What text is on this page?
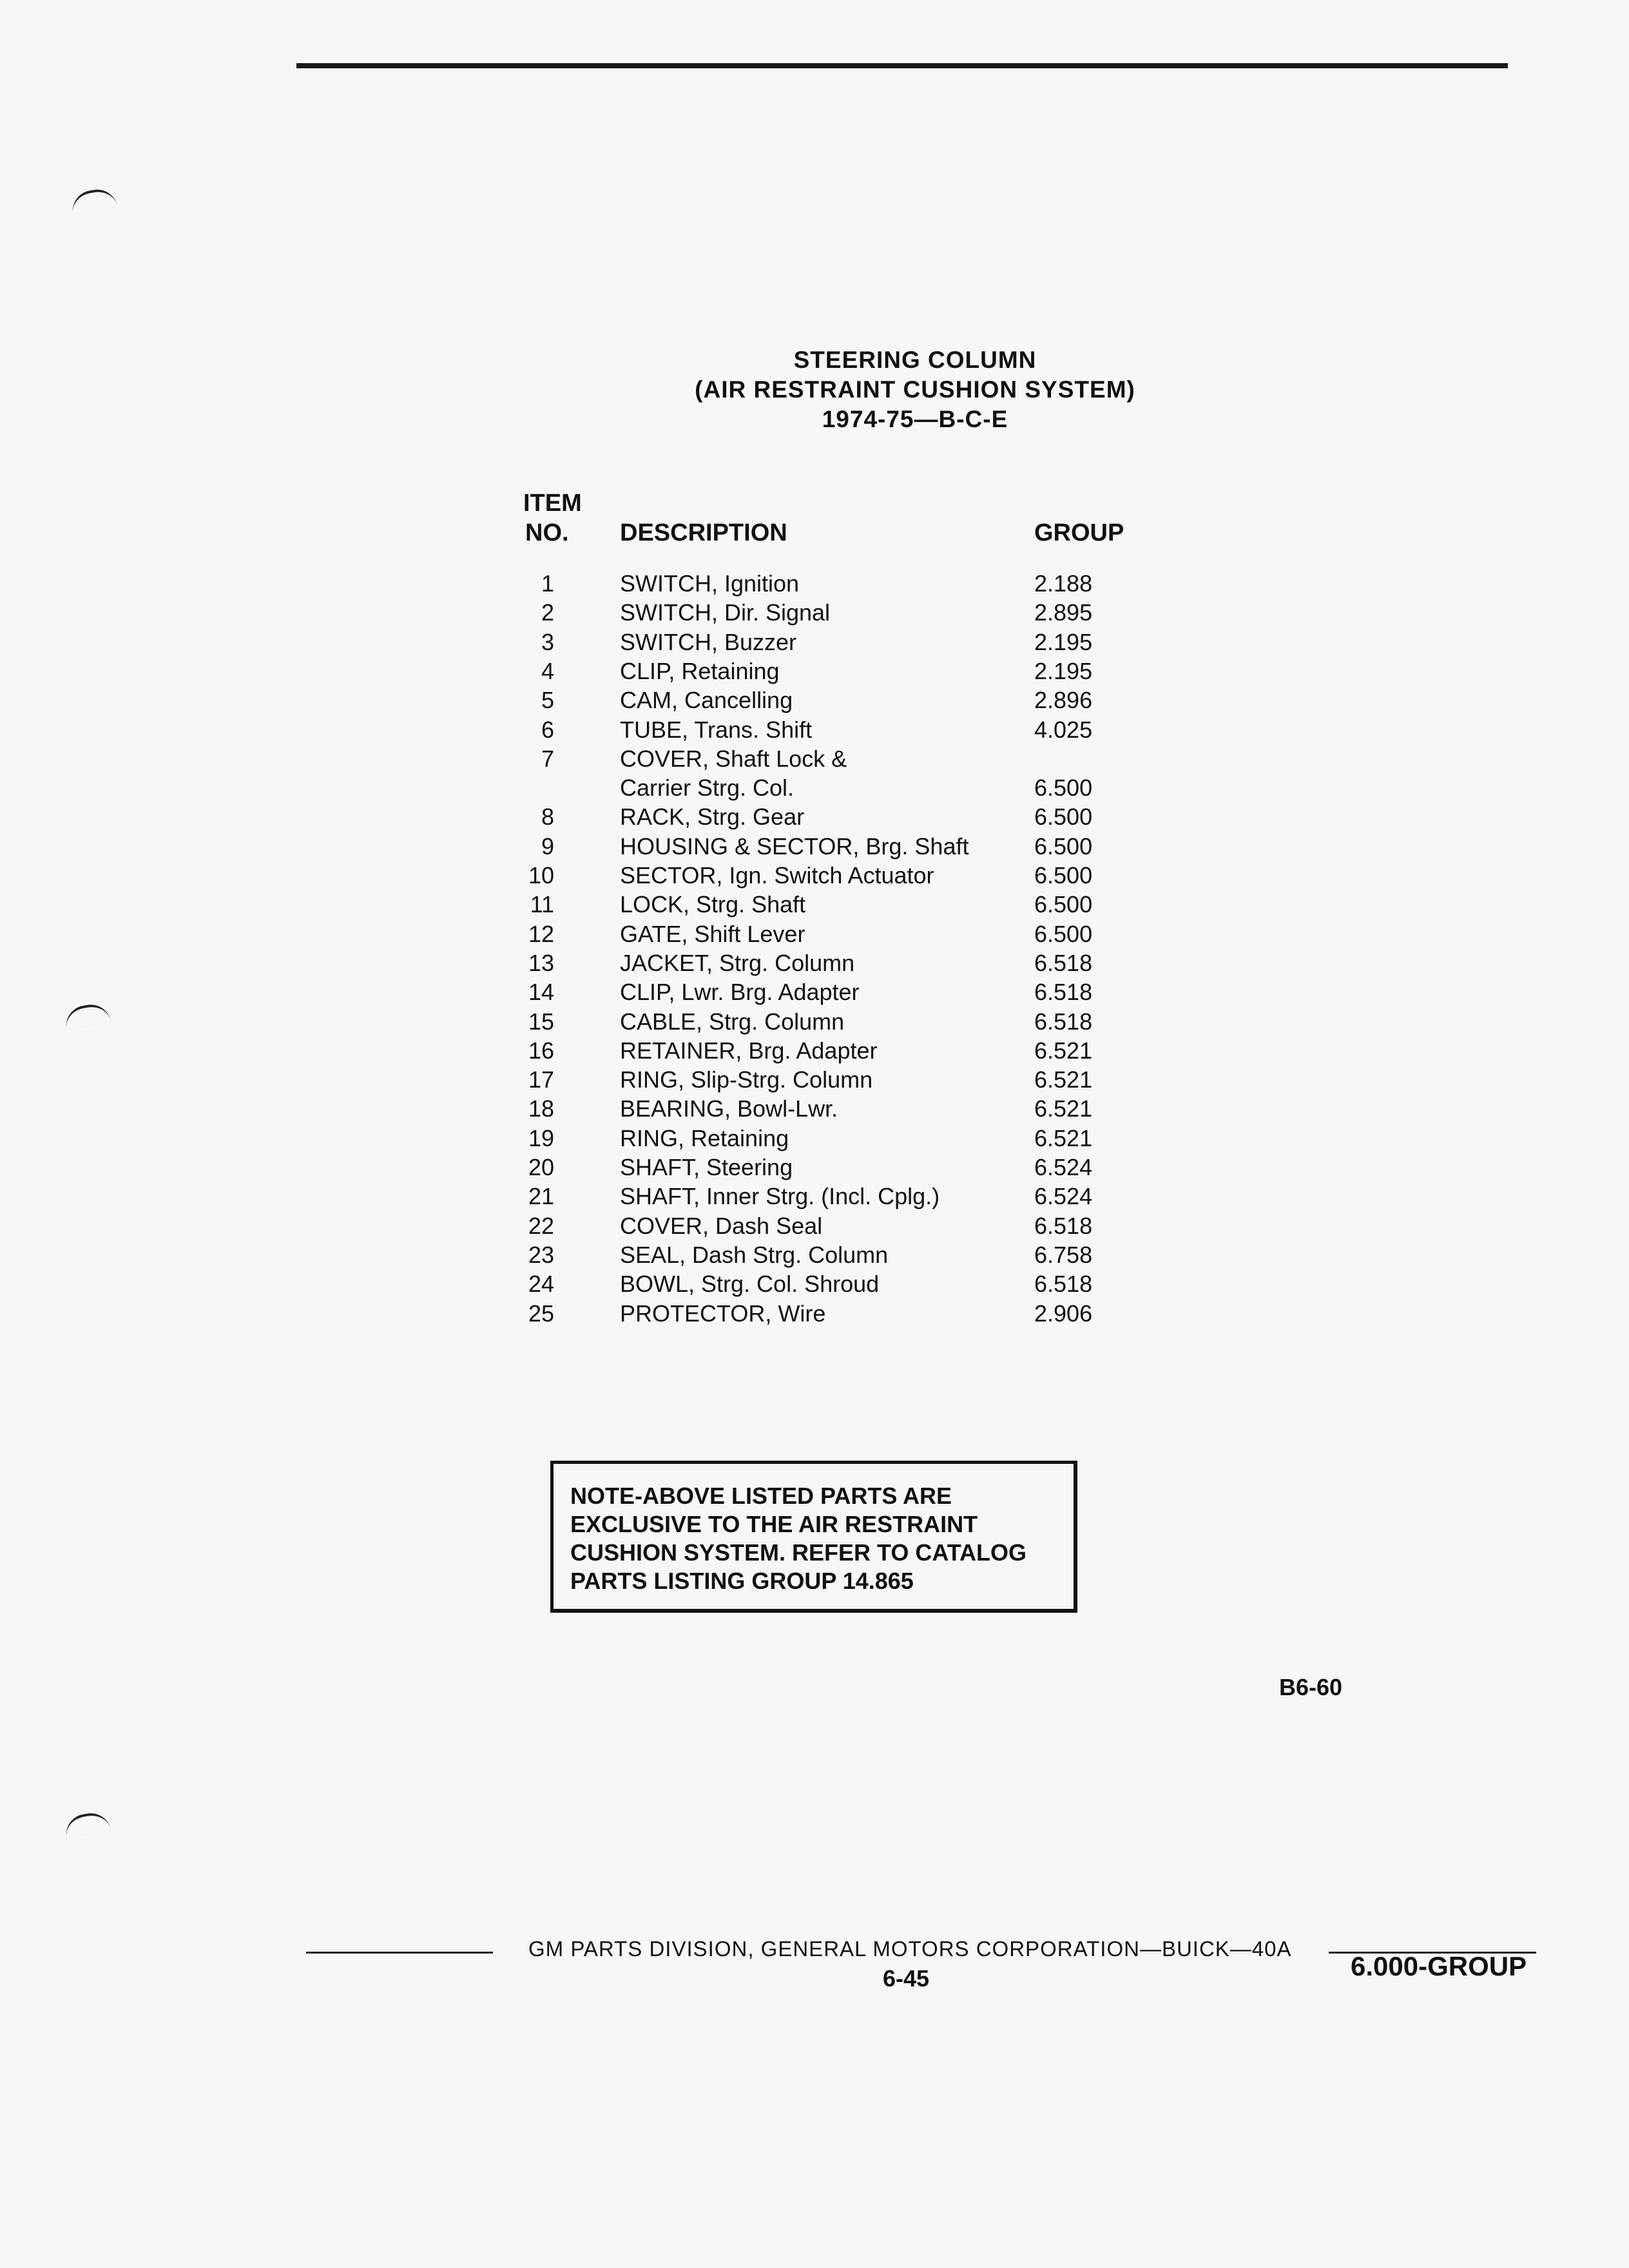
STEERING COLUMN
(AIR RESTRAINT CUSHION SYSTEM)
1974-75—B-C-E
ITEM
NO. DESCRIPTION	GROUP
1	SWITCH, Ignition	2.188
2	SWITCH, Dir. Signal	2.895
3	SWITCH, Buzzer	2.195
4	CLIP, Retaining	2.195
5	CAM, Cancelling	2.896
6	TUBE, Trans. Shift	4.025
7	COVER, Shaft Lock &
Carrier Strg. Col.	6.500
8	RACK, Strg. Gear	6.500
9	HOUSING & SECTOR, Brg. Shaft	6.500
10	SECTOR, Ign. Switch Actuator	6.500
11	LOCK, Strg. Shaft	6.500
12	GATE, Shift Lever	6.500
13	JACKET, Strg. Column	6.518
14	CLIP, Lwr. Brg. Adapter	6.518
15	CABLE, Strg. Column	6.518
16	RETAINER, Brg. Adapter	6.521
17	RING, Slip-Strg. Column	6.521
18	BEARING, Bowl-Lwr.	6.521
19	RING, Retaining	6.521
20	SHAFT, Steering	6.524
21	SHAFT, Inner Strg. (Incl. Cplg.)	6.524
22	COVER, Dash Seal	6.518
23	SEAL, Dash Strg. Column	6.758
24	BOWL, Strg. Col. Shroud	6.518
25	PROTECTOR, Wire	2.906
NOTE-ABOVE LISTED PARTS ARE
EXCLUSIVE TO THE AIR RESTRAINT
CUSHION SYSTEM. REFER TO CATALOG
PARTS LISTING GROUP 14.865
B6-60
GM PARTS DIVISION, GENERAL MOTORS CORPORATION—BUICK—40A
6-45	6.000-GROUP
